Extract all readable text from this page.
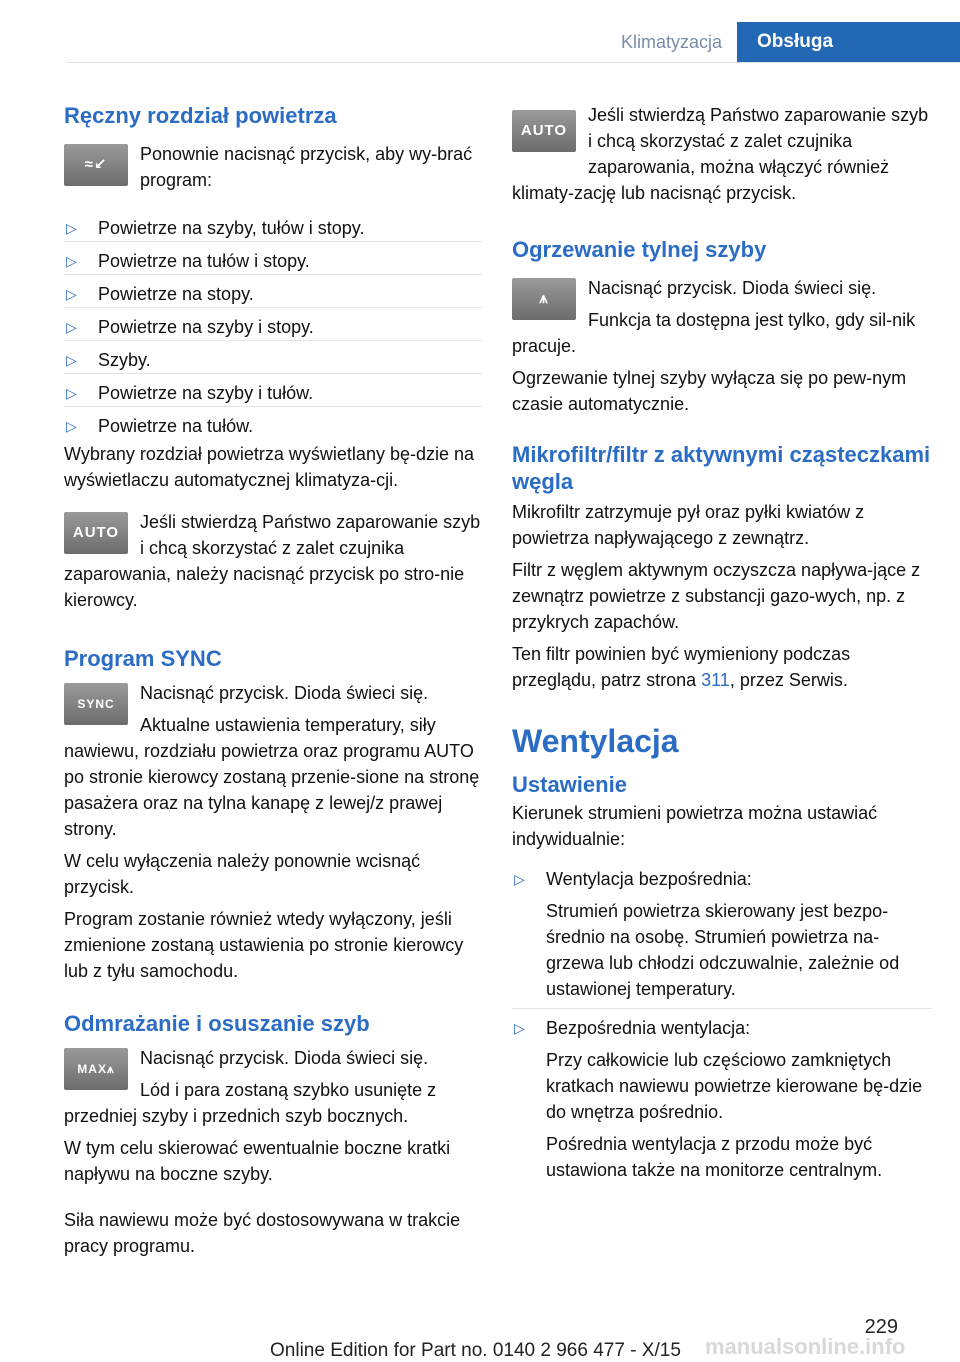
Klimatyzacja	Obsługa
Ręczny rozdział powietrza
≈↙

Ponownie nacisnąć przycisk, aby wy‐brać program:

▷ Powietrze na szyby, tułów i stopy.
▷ Powietrze na tułów i stopy.
▷ Powietrze na stopy.
▷ Powietrze na szyby i stopy.
▷ Szyby.
▷ Powietrze na szyby i tułów.
▷ Powietrze na tułów.

Wybrany rozdział powietrza wyświetlany bę‐dzie na wyświetlaczu automatycznej klimatyza‐cji.

AUTO

Jeśli stwierdzą Państwo zaparowanie szyb i chcą skorzystać z zalet czujnika zaparowania, należy nacisnąć przycisk po stro‐nie kierowcy.

Program SYNC
SYNC

Nacisnąć przycisk. Dioda świeci się.

Aktualne ustawienia temperatury, siły nawiewu, rozdziału powietrza oraz programu AUTO po stronie kierowcy zostaną przenie‐sione na stronę pasażera oraz na tylna kanapę z lewej/z prawej strony.

W celu wyłączenia należy ponownie wcisnąć przycisk.

Program zostanie również wtedy wyłączony, jeśli zmienione zostaną ustawienia po stronie kierowcy lub z tyłu samochodu.

Odmrażanie i osuszanie szyb
MAX⩚

Nacisnąć przycisk. Dioda świeci się.

Lód i para zostaną szybko usunięte z przedniej szyby i przednich szyb bocznych.

W tym celu skierować ewentualnie boczne kratki napływu na boczne szyby.

Siła nawiewu może być dostosowywana w trakcie pracy programu.

AUTO

Jeśli stwierdzą Państwo zaparowanie szyb i chcą skorzystać z zalet czujnika zaparowania, można włączyć również klimaty‐zację lub nacisnąć przycisk.

Ogrzewanie tylnej szyby
⩚

Nacisnąć przycisk. Dioda świeci się.

Funkcja ta dostępna jest tylko, gdy sil‐nik pracuje.

Ogrzewanie tylnej szyby wyłącza się po pew‐nym czasie automatycznie.

Mikrofiltr/filtr z aktywnymi cząsteczkami węgla

Mikrofiltr zatrzymuje pył oraz pyłki kwiatów z powietrza napływającego z zewnątrz.

Filtr z węglem aktywnym oczyszcza napływa‐jące z zewnątrz powietrze z substancji gazo‐wych, np. z przykrych zapachów.

Ten filtr powinien być wymieniony podczas przeglądu, patrz strona 311, przez Serwis.

Wentylacja
Ustawienie

Kierunek strumieni powietrza można ustawiać indywidualnie:

▷ Wentylacja bezpośrednia:
Strumień powietrza skierowany jest bezpo‐średnio na osobę. Strumień powietrza na‐grzewa lub chłodzi odczuwalnie, zależnie od ustawionej temperatury.
▷ Bezpośrednia wentylacja:
Przy całkowicie lub częściowo zamkniętych kratkach nawiewu powietrze kierowane bę‐dzie do wnętrza pośrednio.
Pośrednia wentylacja z przodu może być ustawiona także na monitorze centralnym.
229
Online Edition for Part no. 0140 2 966 477 - X/15 manualsonline.info
